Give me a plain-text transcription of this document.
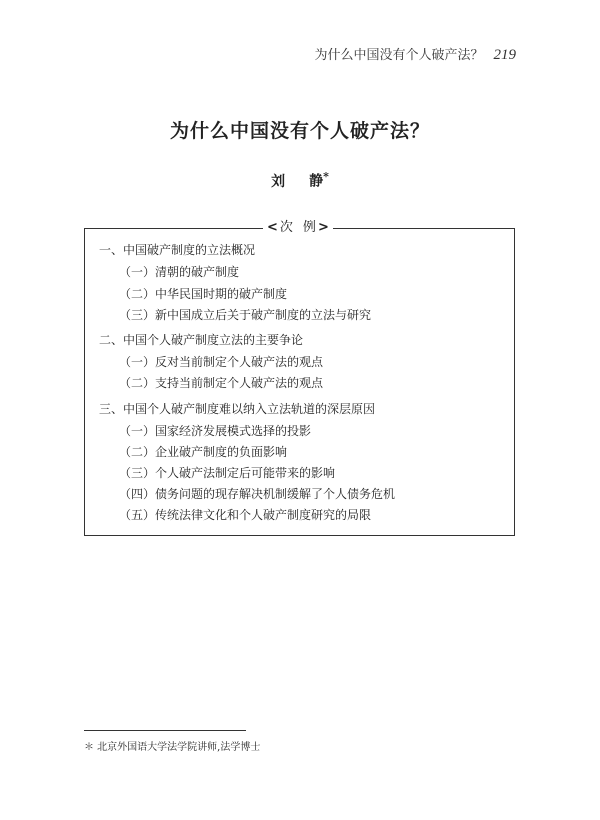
为什么中国没有个人破产法？ 219
为什么中国没有个人破产法？
刘 静*
< 次 例 >
一、中国破产制度的立法概况
（一）清朝的破产制度
（二）中华民国时期的破产制度
（三）新中国成立后关于破产制度的立法与研究
二、中国个人破产制度立法的主要争论
（一）反对当前制定个人破产法的观点
（二）支持当前制定个人破产法的观点
三、中国个人破产制度难以纳入立法轨道的深层原因
（一）国家经济发展模式选择的投影
（二）企业破产制度的负面影响
（三）个人破产法制定后可能带来的影响
（四）债务问题的现存解决机制缓解了个人债务危机
（五）传统法律文化和个人破产制度研究的局限
＊ 北京外国语大学法学院讲师,法学博士
